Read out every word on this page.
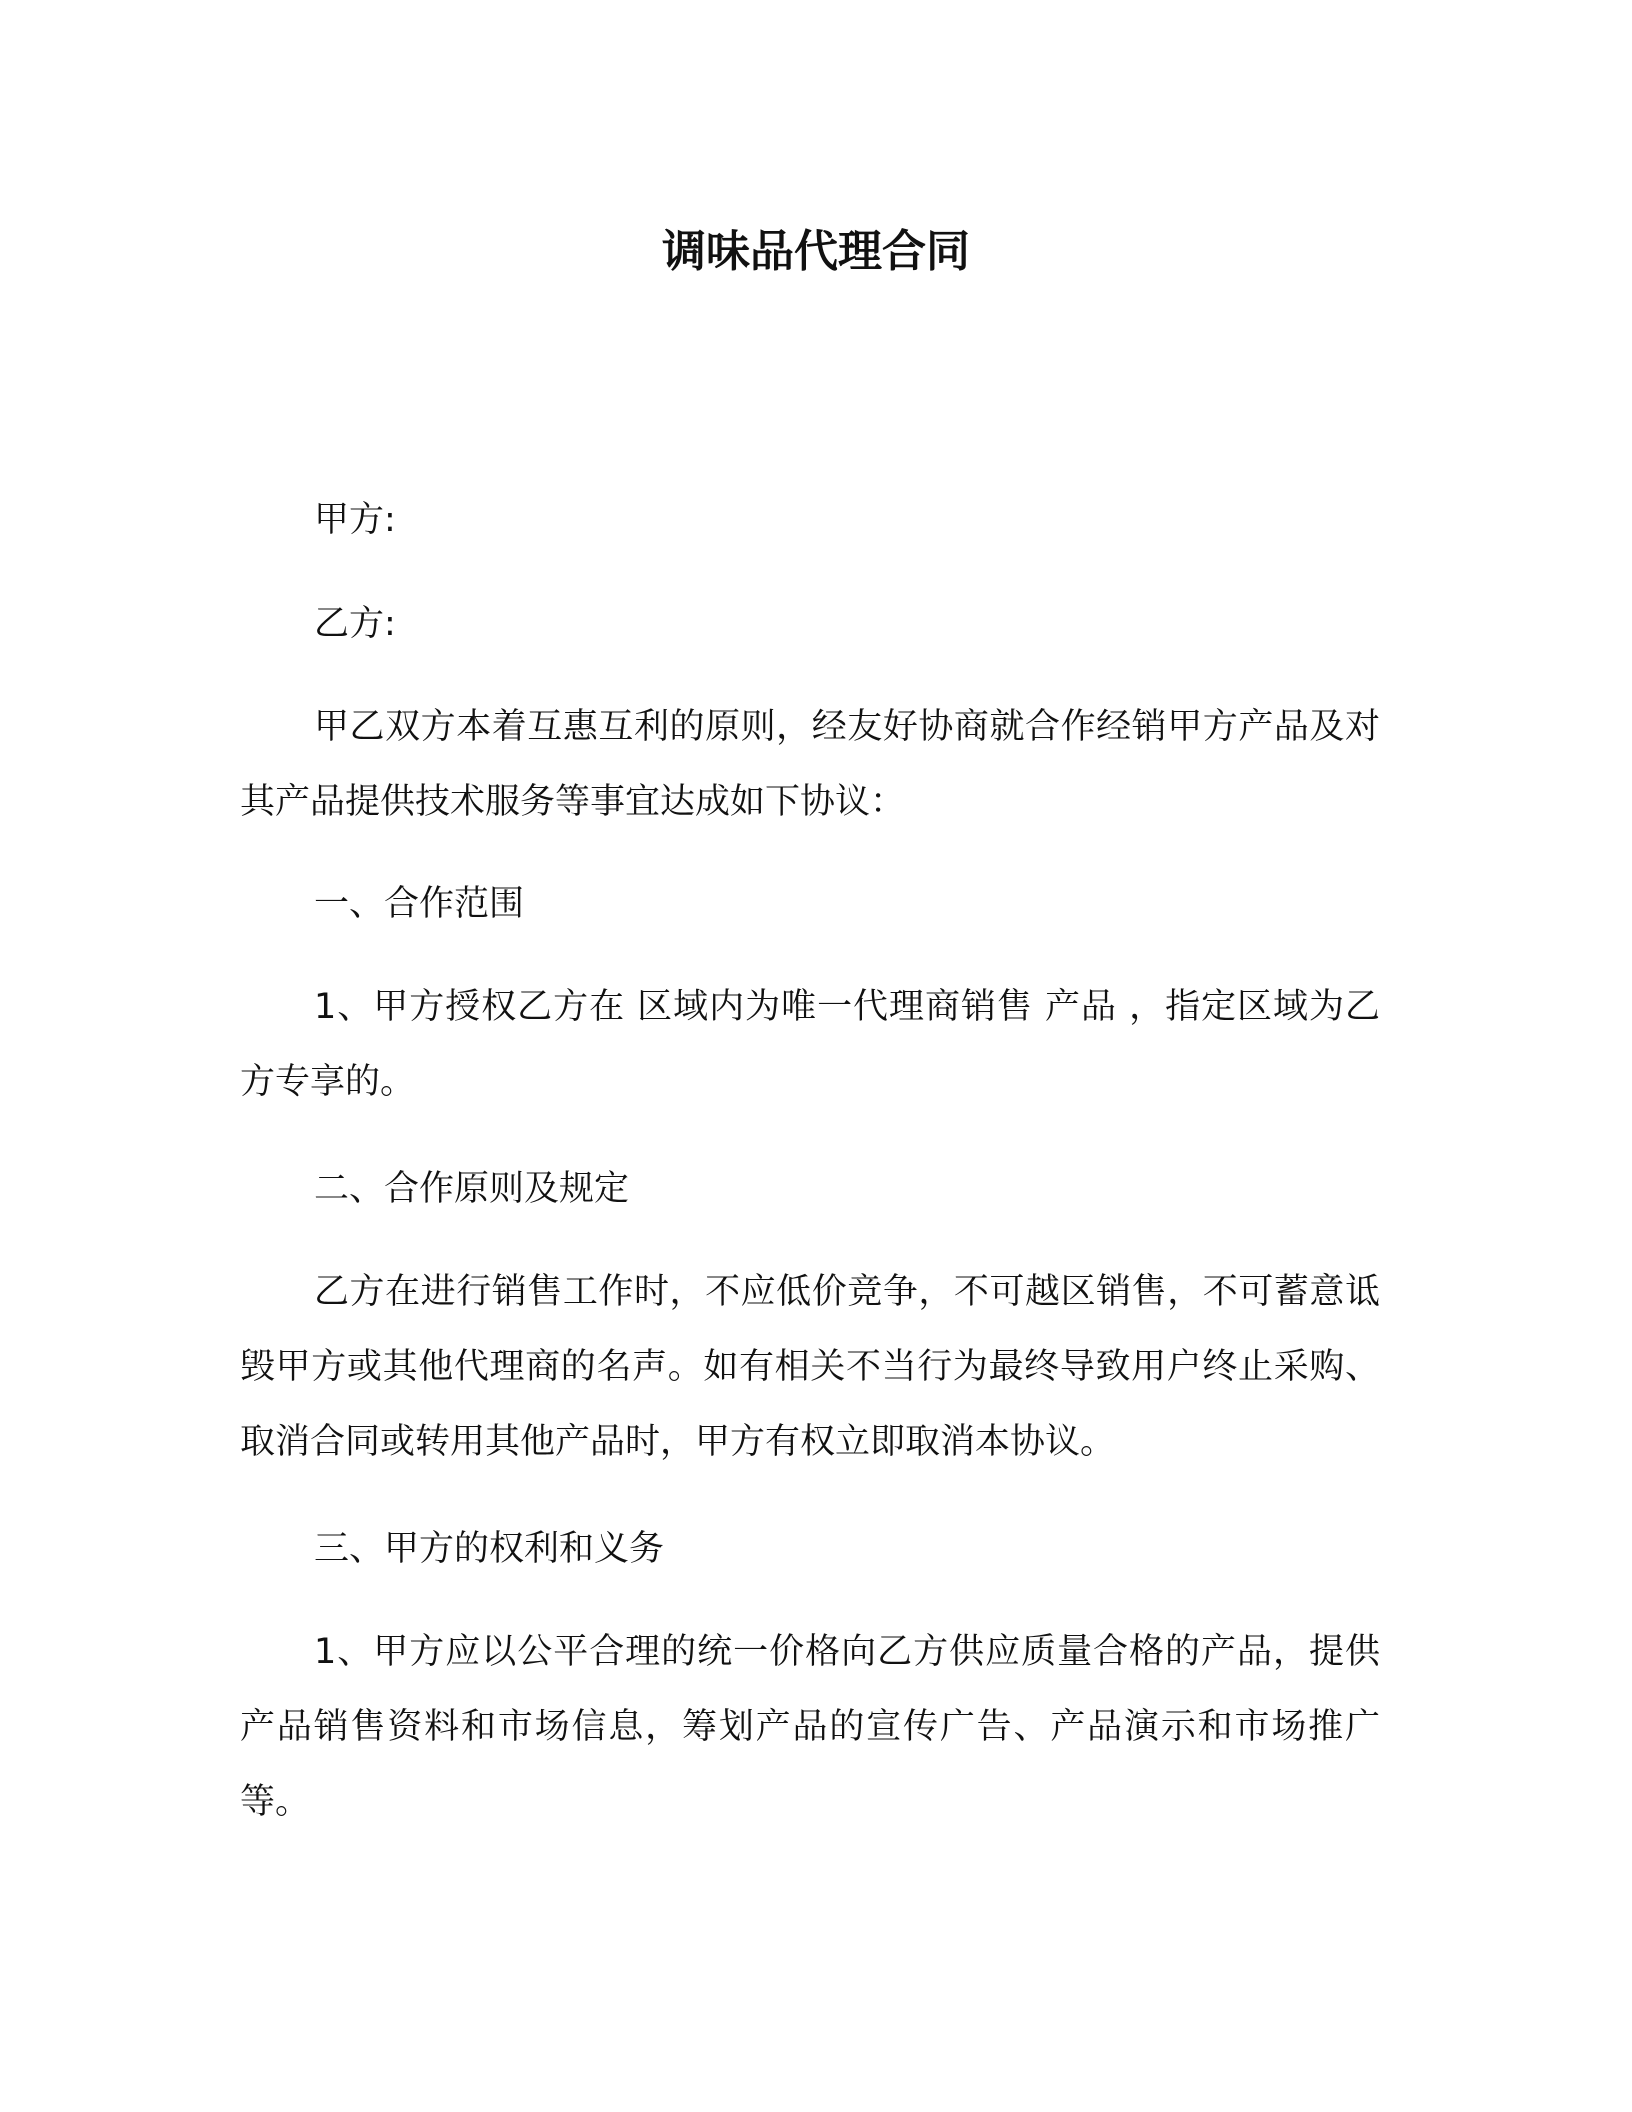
调味品代理合同
甲方:
乙方:
甲乙双方本着互惠互利的原则，经友好协商就合作经销甲方产品及对其产品提供技术服务等事宜达成如下协议：
一、合作范围
1、甲方授权乙方在 区域内为唯一代理商销售 产品 ，指定区域为乙方专享的。
二、合作原则及规定
乙方在进行销售工作时，不应低价竞争，不可越区销售，不可蓄意诋毁甲方或其他代理商的名声。如有相关不当行为最终导致用户终止采购、取消合同或转用其他产品时，甲方有权立即取消本协议。
三、甲方的权利和义务
1、甲方应以公平合理的统一价格向乙方供应质量合格的产品，提供产品销售资料和市场信息，筹划产品的宣传广告、产品演示和市场推广等。
